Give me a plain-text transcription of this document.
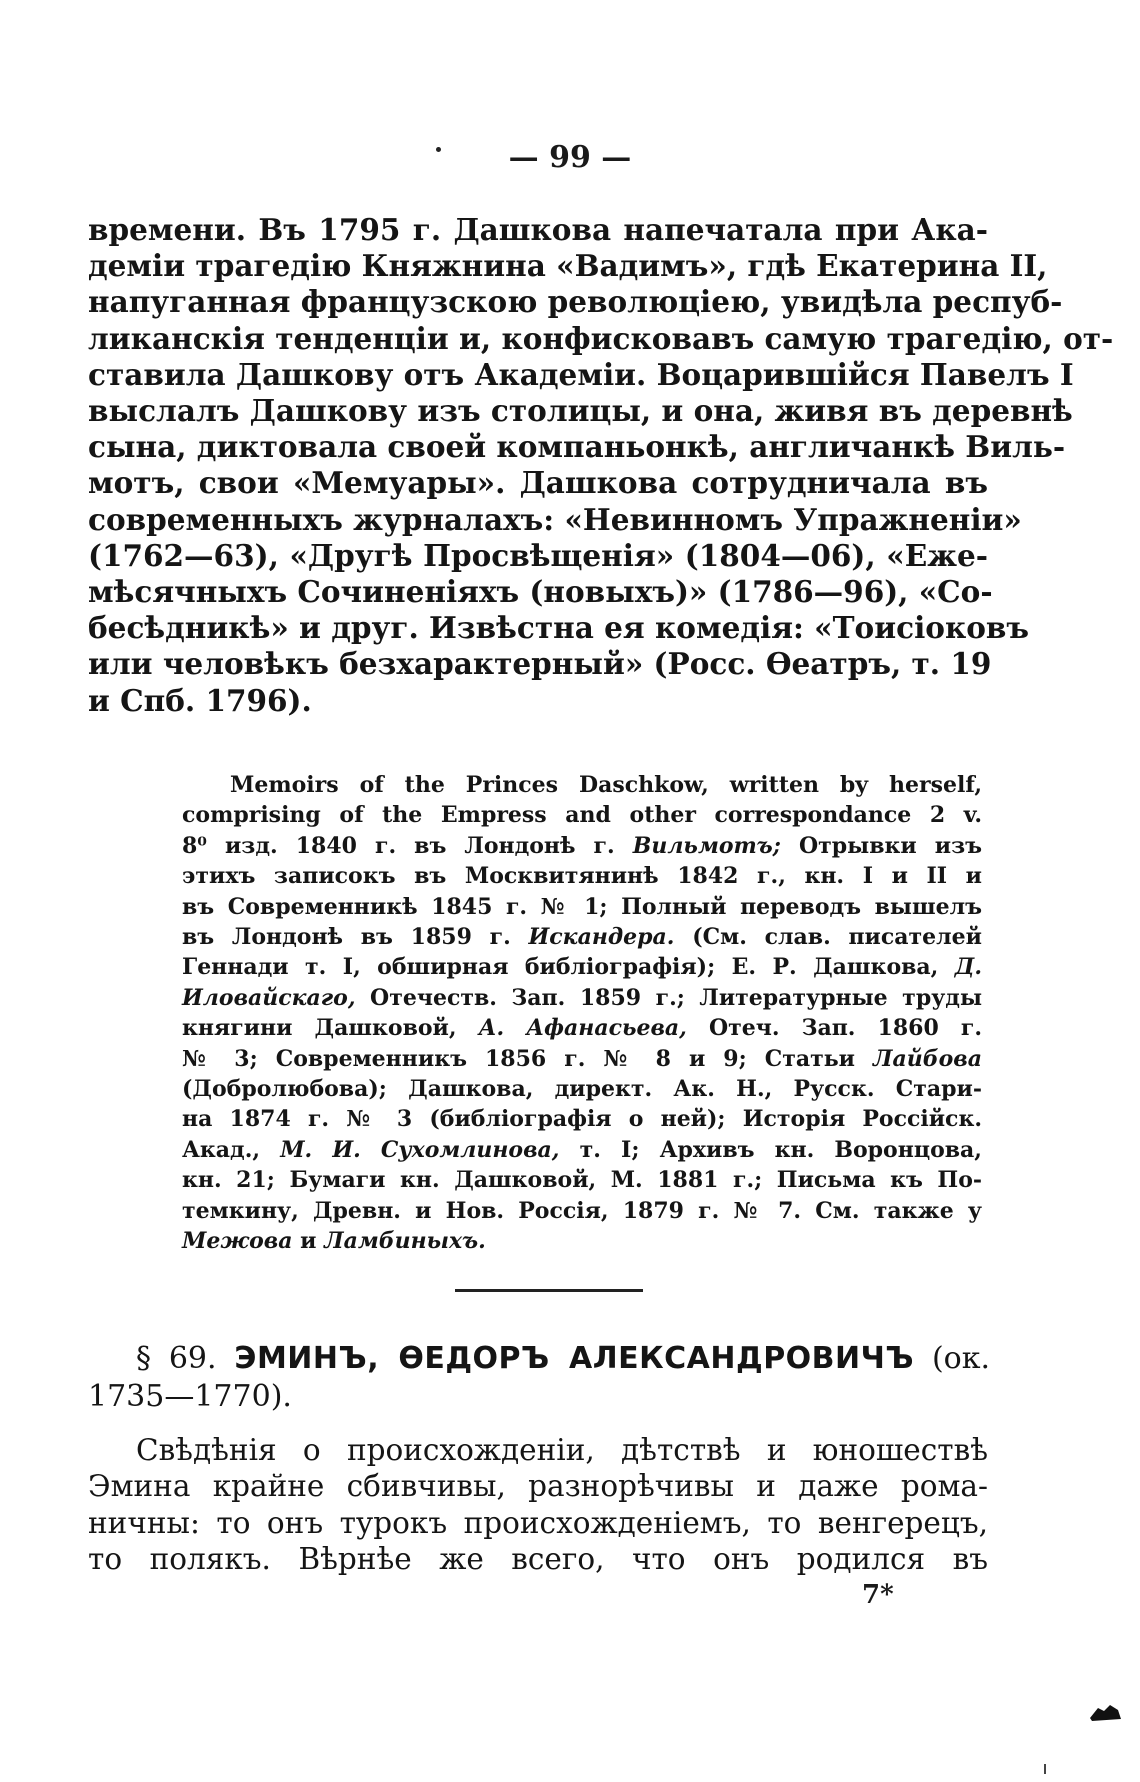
— 99 —
времени. Въ 1795 г. Дашкова напечатала при Ака-
деміи трагедію Княжнина «Вадимъ», гдѣ Екатерина II,
напуганная французскою революціею, увидѣла респуб-
ликанскія тенденціи и, конфисковавъ самую трагедію, от-
ставила Дашкову отъ Академіи. Воцарившійся Павелъ I
выслалъ Дашкову изъ столицы, и она, живя въ деревнѣ
сына, диктовала своей компаньонкѣ, англичанкѣ Виль-
мотъ, свои «Мемуары». Дашкова сотрудничала въ
современныхъ журналахъ: «Невинномъ Упражненіи»
(1762—63), «Другѣ Просвѣщенія» (1804—06), «Еже-
мѣсячныхъ Сочиненіяхъ (новыхъ)» (1786—96), «Со-
бесѣдникѣ» и друг. Извѣстна ея комедія: «Тоисіоковъ
или человѣкъ безхарактерный» (Росс. Өеатръ, т. 19
и Спб. 1796).
Memoirs of the Princes Daschkow, written by herself,
comprising of the Empress and other correspondance 2 v.
8⁰ изд. 1840 г. въ Лондонѣ г. Вильмотъ; Отрывки изъ
этихъ записокъ въ Москвитянинѣ 1842 г., кн. I и II и
въ Современникѣ 1845 г. № 1; Полный переводъ вышелъ
въ Лондонѣ въ 1859 г. Искандера. (См. слав. писателей
Геннади т. I, обширная библіографія); Е. Р. Дашкова, Д.
Иловайскаго, Отечеств. Зап. 1859 г.; Литературные труды
княгини Дашковой, А. Афанасьева, Отеч. Зап. 1860 г.
№ 3; Современникъ 1856 г. № 8 и 9; Статьи Лайбова
(Добролюбова); Дашкова, директ. Ак. Н., Русск. Стари-
на 1874 г. № 3 (библіографія о ней); Исторія Россійск.
Акад., М. И. Сухомлинова, т. I; Архивъ кн. Воронцова,
кн. 21; Бумаги кн. Дашковой, М. 1881 г.; Письма къ По-
темкину, Древн. и Нов. Россія, 1879 г. № 7. См. также у
Межова и Ламбиныхъ.
§ 69. ЭМИНЪ, ӨЕДОРЪ АЛЕКСАНДРОВИЧЪ (ок.
1735—1770).
Свѣдѣнія о происхожденіи, дѣтствѣ и юношествѣ
Эмина крайне сбивчивы, разнорѣчивы и даже рома-
ничны: то онъ турокъ происхожденіемъ, то венгерецъ,
то полякъ. Вѣрнѣе же всего, что онъ родился въ
7*
